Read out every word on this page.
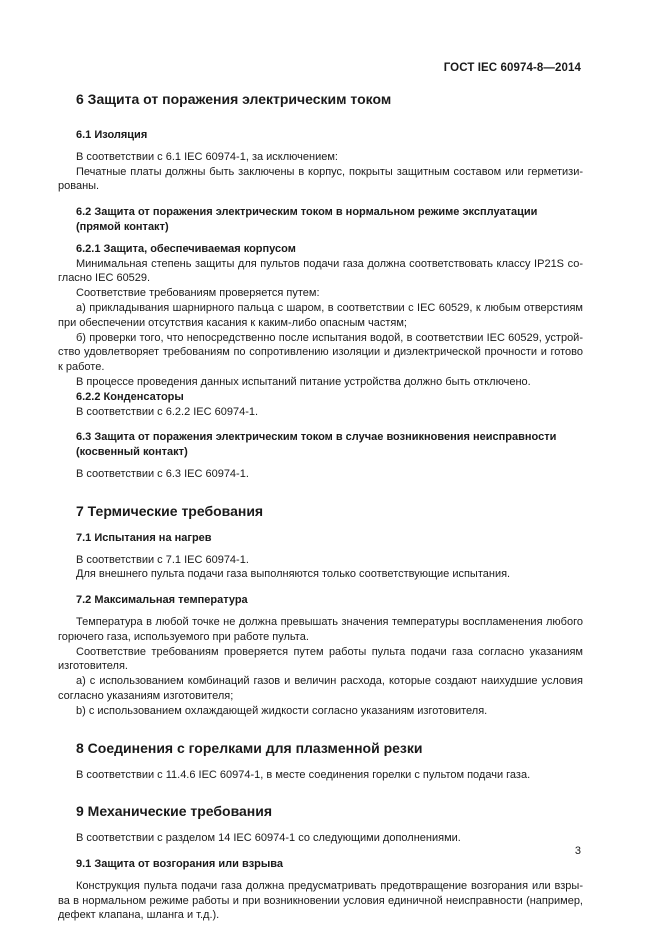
ГОСТ IEC 60974-8—2014
6 Защита от поражения электрическим током
6.1 Изоляция

В соответствии с 6.1 IEC 60974-1, за исключением:

Печатные платы должны быть заключены в корпус, покрыты защитным составом или герметизи-рованы.

6.2 Защита от поражения электрическим током в нормальном режиме эксплуатации
(прямой контакт)
6.2.1 Защита, обеспечиваемая корпусом

Минимальная степень защиты для пультов подачи газа должна соответствовать классу IP21S со-гласно IEC 60529.

Соответствие требованиям проверяется путем:

а) прикладывания шарнирного пальца с шаром, в соответствии с IEC 60529, к любым отверстиям при обеспечении отсутствия касания к каким-либо опасным частям;

б) проверки того, что непосредственно после испытания водой, в соответствии IEC 60529, устрой-ство удовлетворяет требованиям по сопротивлению изоляции и диэлектрической прочности и готово к работе.

В процессе проведения данных испытаний питание устройства должно быть отключено.

6.2.2 Конденсаторы

В соответствии с 6.2.2 IEC 60974-1.

6.3 Защита от поражения электрическим током в случае возникновения неисправности
(косвенный контакт)

В соответствии с 6.3 IEC 60974-1.

7 Термические требования
7.1 Испытания на нагрев

В соответствии с 7.1 IEC 60974-1.

Для внешнего пульта подачи газа выполняются только соответствующие испытания.

7.2 Максимальная температура

Температура в любой точке не должна превышать значения температуры воспламенения любого горючего газа, используемого при работе пульта.

Соответствие требованиям проверяется путем работы пульта подачи газа согласно указаниям изготовителя.

а) с использованием комбинаций газов и величин расхода, которые создают наихудшие условия согласно указаниям изготовителя;

b) с использованием охлаждающей жидкости согласно указаниям изготовителя.

8 Соединения с горелками для плазменной резки

В соответствии с 11.4.6 IEC 60974-1, в месте соединения горелки с пультом подачи газа.

9 Механические требования

В соответствии с разделом 14 IEC 60974-1 со следующими дополнениями.

9.1 Защита от возгорания или взрыва

Конструкция пульта подачи газа должна предусматривать предотвращение возгорания или взры-ва в нормальном режиме работы и при возникновении условия единичной неисправности (например, дефект клапана, шланга и т.д.).

3
